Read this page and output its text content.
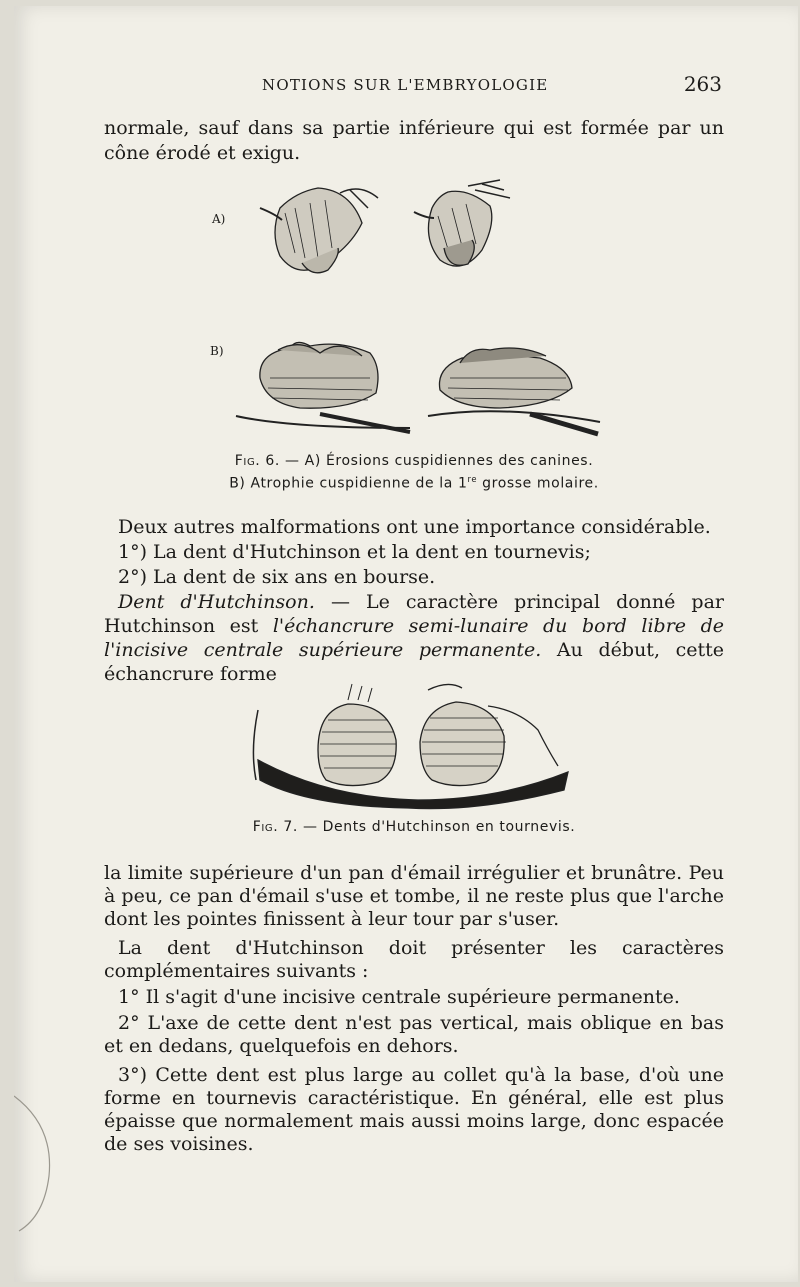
NOTIONS SUR L'EMBRYOLOGIE	263

normale, sauf dans sa partie inférieure qui est formée par un cône érodé et exigu.

A)
B)
Fig. 6. — A) Érosions cuspidiennes des canines.
B) Atrophie cuspidienne de la 1re grosse molaire.

Deux autres malformations ont une importance considérable.

1°) La dent d'Hutchinson et la dent en tournevis;

2°) La dent de six ans en bourse.

Dent d'Hutchinson. — Le caractère principal donné par Hutchinson est l'échancrure semi-lunaire du bord libre de l'incisive centrale supérieure permanente. Au début, cette échancrure forme

Fig. 7. — Dents d'Hutchinson en tournevis.

la limite supérieure d'un pan d'émail irrégulier et brunâtre. Peu à peu, ce pan d'émail s'use et tombe, il ne reste plus que l'arche dont les pointes finissent à leur tour par s'user.

La dent d'Hutchinson doit présenter les caractères complémentaires suivants :

1° Il s'agit d'une incisive centrale supérieure permanente.

2° L'axe de cette dent n'est pas vertical, mais oblique en bas et en dedans, quelquefois en dehors.

3°) Cette dent est plus large au collet qu'à la base, d'où une forme en tournevis caractéristique. En général, elle est plus épaisse que normalement mais aussi moins large, donc espacée de ses voisines.
